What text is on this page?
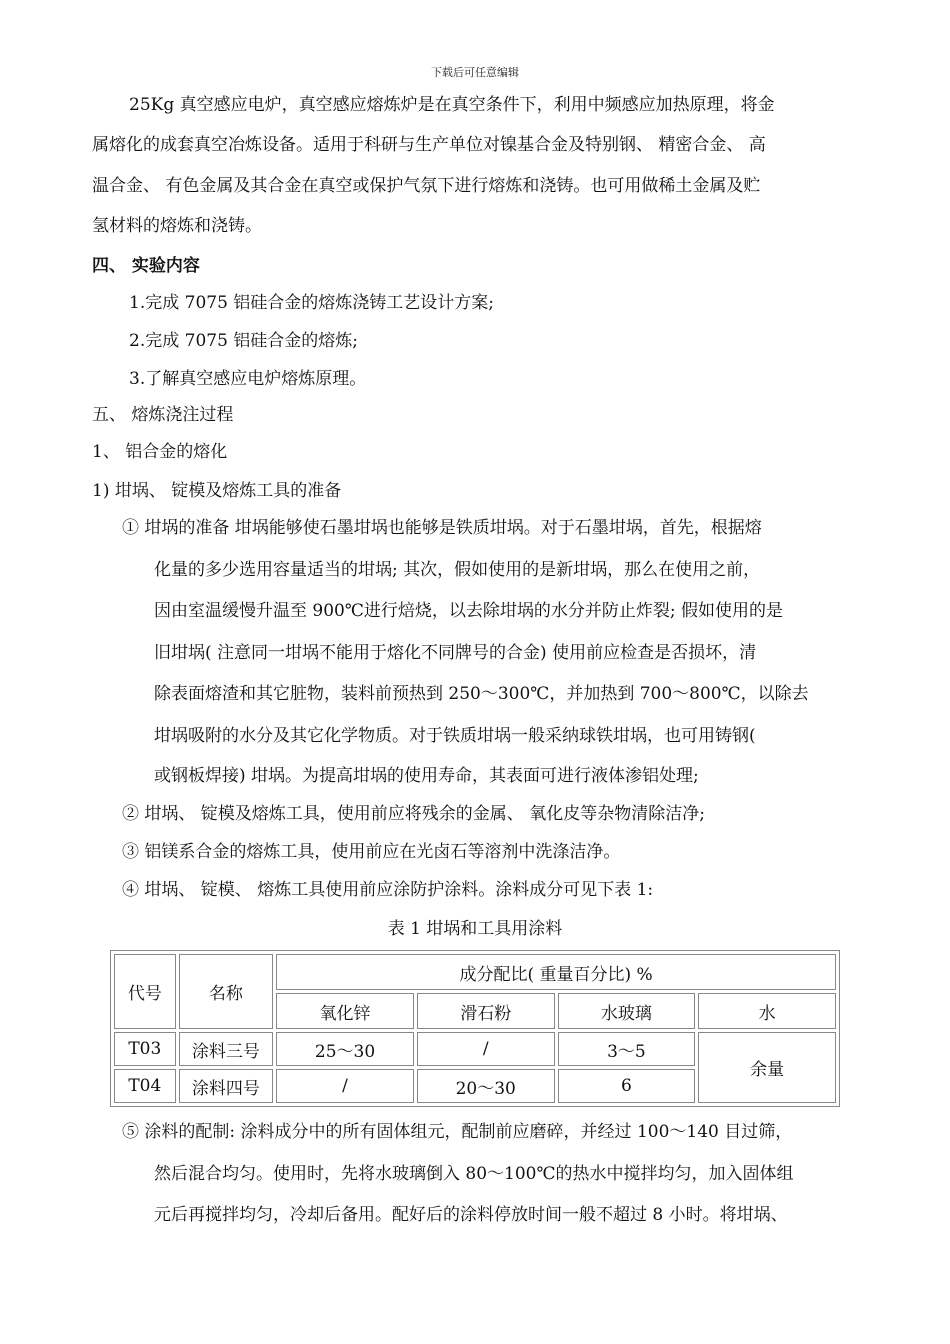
下载后可任意编辑
25Kg 真空感应电炉，真空感应熔炼炉是在真空条件下，利用中频感应加热原理，将金
属熔化的成套真空冶炼设备。适用于科研与生产单位对镍基合金及特别钢、 精密合金、 高
温合金、 有色金属及其合金在真空或保护气氛下进行熔炼和浇铸。也可用做稀土金属及贮
氢材料的熔炼和浇铸。
四、 实验内容
1.完成 7075 铝硅合金的熔炼浇铸工艺设计方案;
2.完成 7075 铝硅合金的熔炼;
3.了解真空感应电炉熔炼原理。
五、 熔炼浇注过程
1、 铝合金的熔化
1) 坩埚、 锭模及熔炼工具的准备
① 坩埚的准备 坩埚能够使石墨坩埚也能够是铁质坩埚。对于石墨坩埚，首先，根据熔
化量的多少选用容量适当的坩埚; 其次，假如使用的是新坩埚，那么在使用之前，
因由室温缓慢升温至 900℃进行焙烧，以去除坩埚的水分并防止炸裂; 假如使用的是
旧坩埚( 注意同一坩埚不能用于熔化不同牌号的合金) 使用前应检查是否损坏，清
除表面熔渣和其它脏物，装料前预热到 250～300℃，并加热到 700～800℃，以除去
坩埚吸附的水分及其它化学物质。对于铁质坩埚一般采纳球铁坩埚，也可用铸钢(
或钢板焊接) 坩埚。为提高坩埚的使用寿命，其表面可进行液体渗铝处理;
② 坩埚、 锭模及熔炼工具，使用前应将残余的金属、 氧化皮等杂物清除洁净;
③ 铝镁系合金的熔炼工具，使用前应在光卤石等溶剂中洗涤洁净。
④ 坩埚、 锭模、 熔炼工具使用前应涂防护涂料。涂料成分可见下表 1:
表 1 坩埚和工具用涂料
代号	名称	成分配比( 重量百分比) %			
		氧化锌	滑石粉	水玻璃	水
T03	涂料三号	25～30	/	3～5	余量
T04	涂料四号	/	20～30	6	
⑤ 涂料的配制: 涂料成分中的所有固体组元，配制前应磨碎，并经过 100～140 目过筛，
然后混合均匀。使用时，先将水玻璃倒入 80～100℃的热水中搅拌均匀，加入固体组
元后再搅拌均匀，冷却后备用。配好后的涂料停放时间一般不超过 8 小时。将坩埚、
